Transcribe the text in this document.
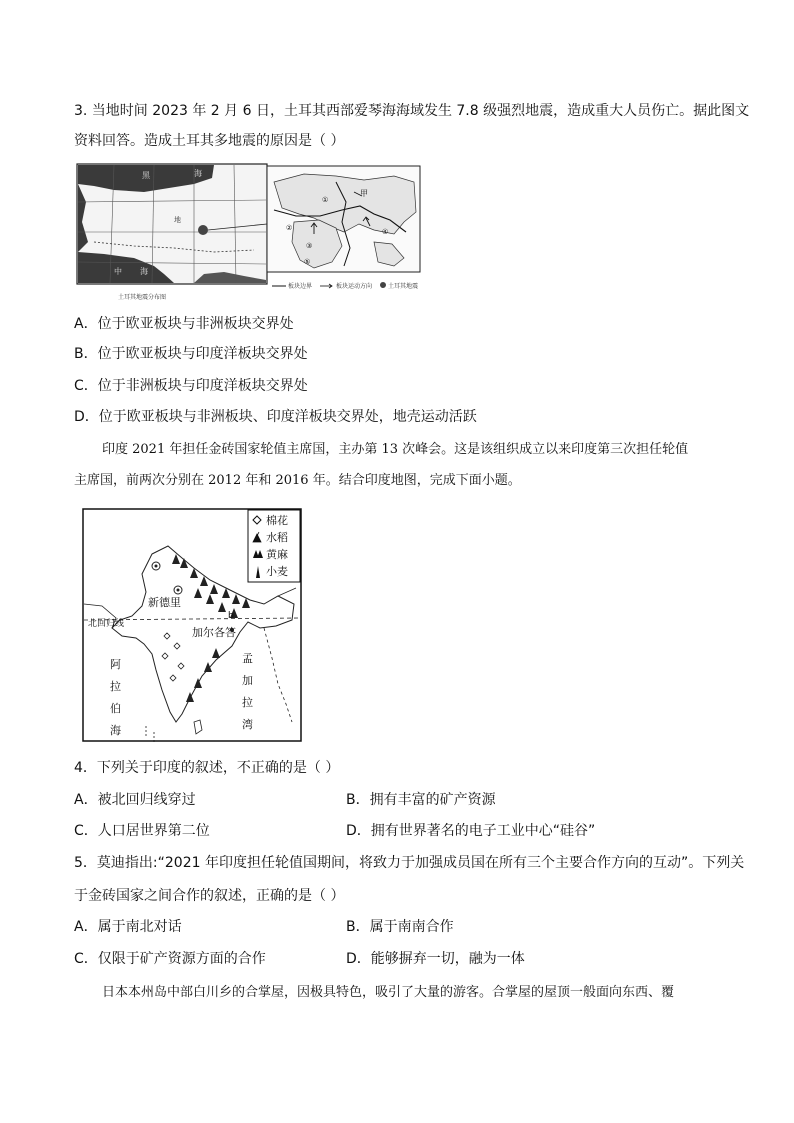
3. 当地时间 2023 年 2 月 6 日，土耳其西部爱琴海海域发生 7.8 级强烈地震，造成重大人员伤亡。据此图文
资料回答。造成土耳其多地震的原因是（ ）
黑	海
地
中 海
土耳其地震分布图
甲
①
②
③
④
⑤
板块边界	板块运动方向	土耳其地震
A．位于欧亚板块与非洲板块交界处
B．位于欧亚板块与印度洋板块交界处
C．位于非洲板块与印度洋板块交界处
D．位于欧亚板块与非洲板块、印度洋板块交界处，地壳运动活跃
印度 2021 年担任金砖国家轮值主席国，主办第 13 次峰会。这是该组织成立以来印度第三次担任轮值
主席国，前两次分别在 2012 年和 2016 年。结合印度地图，完成下面小题。
新德里
北回归线
加尔各答
b
阿
拉
伯
海
孟
加
拉
湾
棉花
水稻
黄麻
小麦
4．下列关于印度的叙述，不正确的是（ ）
A．被北回归线穿过	B．拥有丰富的矿产资源
C．人口居世界第二位	D．拥有世界著名的电子工业中心“硅谷”
5．莫迪指出:“2021 年印度担任轮值国期间，将致力于加强成员国在所有三个主要合作方向的互动”。下列关
于金砖国家之间合作的叙述，正确的是（ ）
A．属于南北对话	B．属于南南合作
C．仅限于矿产资源方面的合作	D．能够摒弃一切，融为一体
日本本州岛中部白川乡的合掌屋，因极具特色，吸引了大量的游客。合掌屋的屋顶一般面向东西、覆
